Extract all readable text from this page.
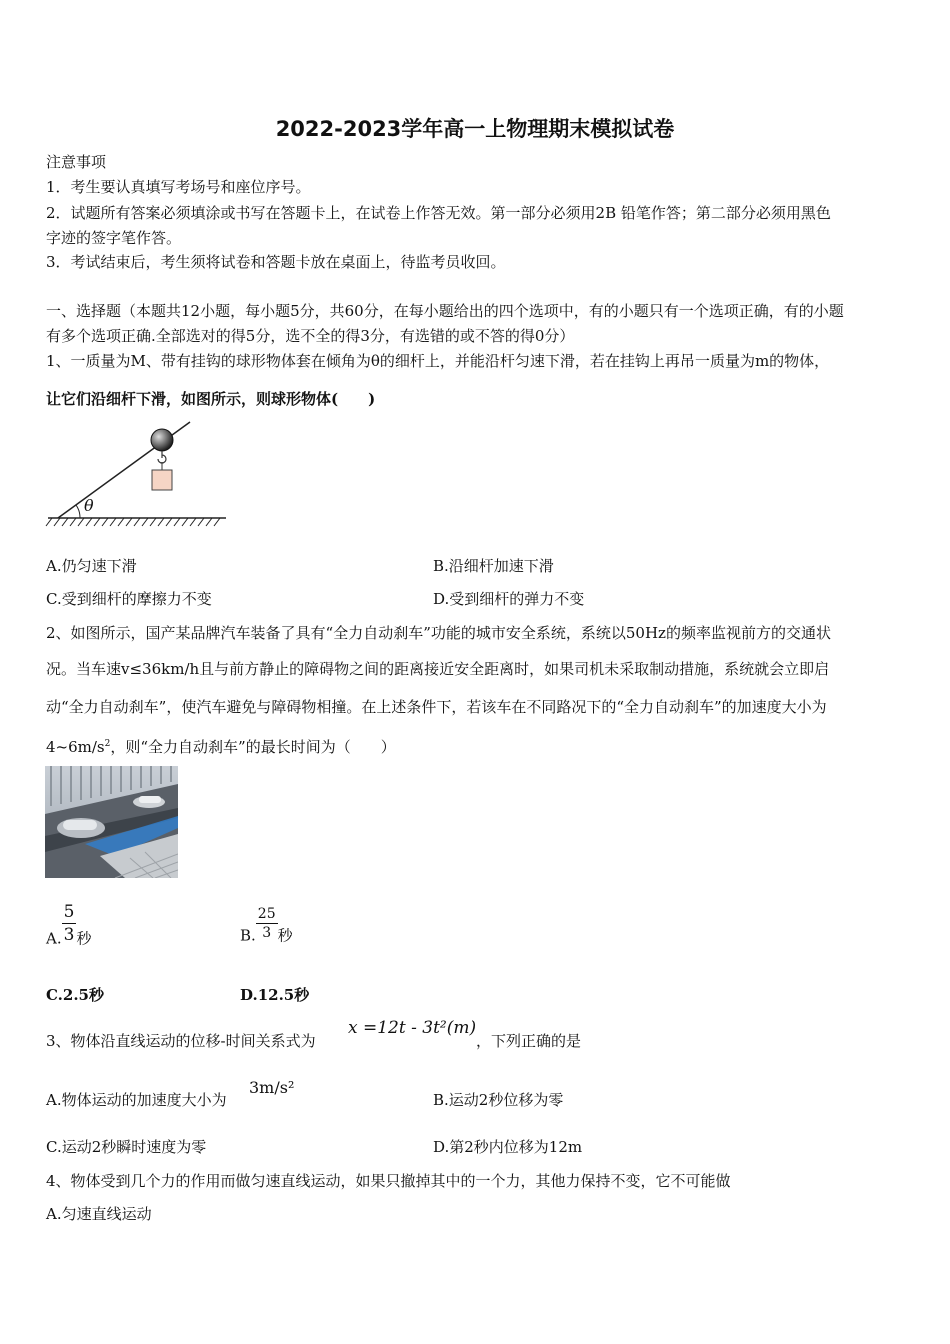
2022-2023学年高一上物理期末模拟试卷
注意事项
1．考生要认真填写考场号和座位序号。
2．试题所有答案必须填涂或书写在答题卡上，在试卷上作答无效。第一部分必须用2B 铅笔作答；第二部分必须用黑色
字迹的签字笔作答。
3．考试结束后，考生须将试卷和答题卡放在桌面上，待监考员收回。
一、选择题（本题共12小题，每小题5分，共60分，在每小题给出的四个选项中，有的小题只有一个选项正确，有的小题
有多个选项正确.全部选对的得5分，选不全的得3分，有选错的或不答的得0分）
1、一质量为M、带有挂钩的球形物体套在倾角为θ的细杆上，并能沿杆匀速下滑，若在挂钩上再吊一质量为m的物体，
让它们沿细杆下滑，如图所示，则球形物体(　　)
θ
A.仍匀速下滑	B.沿细杆加速下滑
C.受到细杆的摩擦力不变	D.受到细杆的弹力不变
2、如图所示，国产某品牌汽车装备了具有“全力自动刹车”功能的城市安全系统，系统以50Hz的频率监视前方的交通状
况。当车速v≤36km/h且与前方静止的障碍物之间的距离接近安全距离时，如果司机未采取制动措施，系统就会立即启
动“全力自动刹车”，使汽车避免与障碍物相撞。在上述条件下，若该车在不同路况下的“全力自动刹车”的加速度大小为
$4\sim 6m/s^2$，则“全力自动刹车”的最长时间为（　　）
A. $\frac{5}{3}$ 秒	B. $\frac{25}{3}$ 秒
C.2.5秒	D.12.5秒
3、物体沿直线运动的位移-时间关系式为
x =12t - 3t²(m)
，下列正确的是
A.物体运动的加速度大小为
3m/s²
B.运动2秒位移为零
C.运动2秒瞬时速度为零	D.第2秒内位移为12m
4、物体受到几个力的作用而做匀速直线运动，如果只撤掉其中的一个力，其他力保持不变，它不可能做
A.匀速直线运动
